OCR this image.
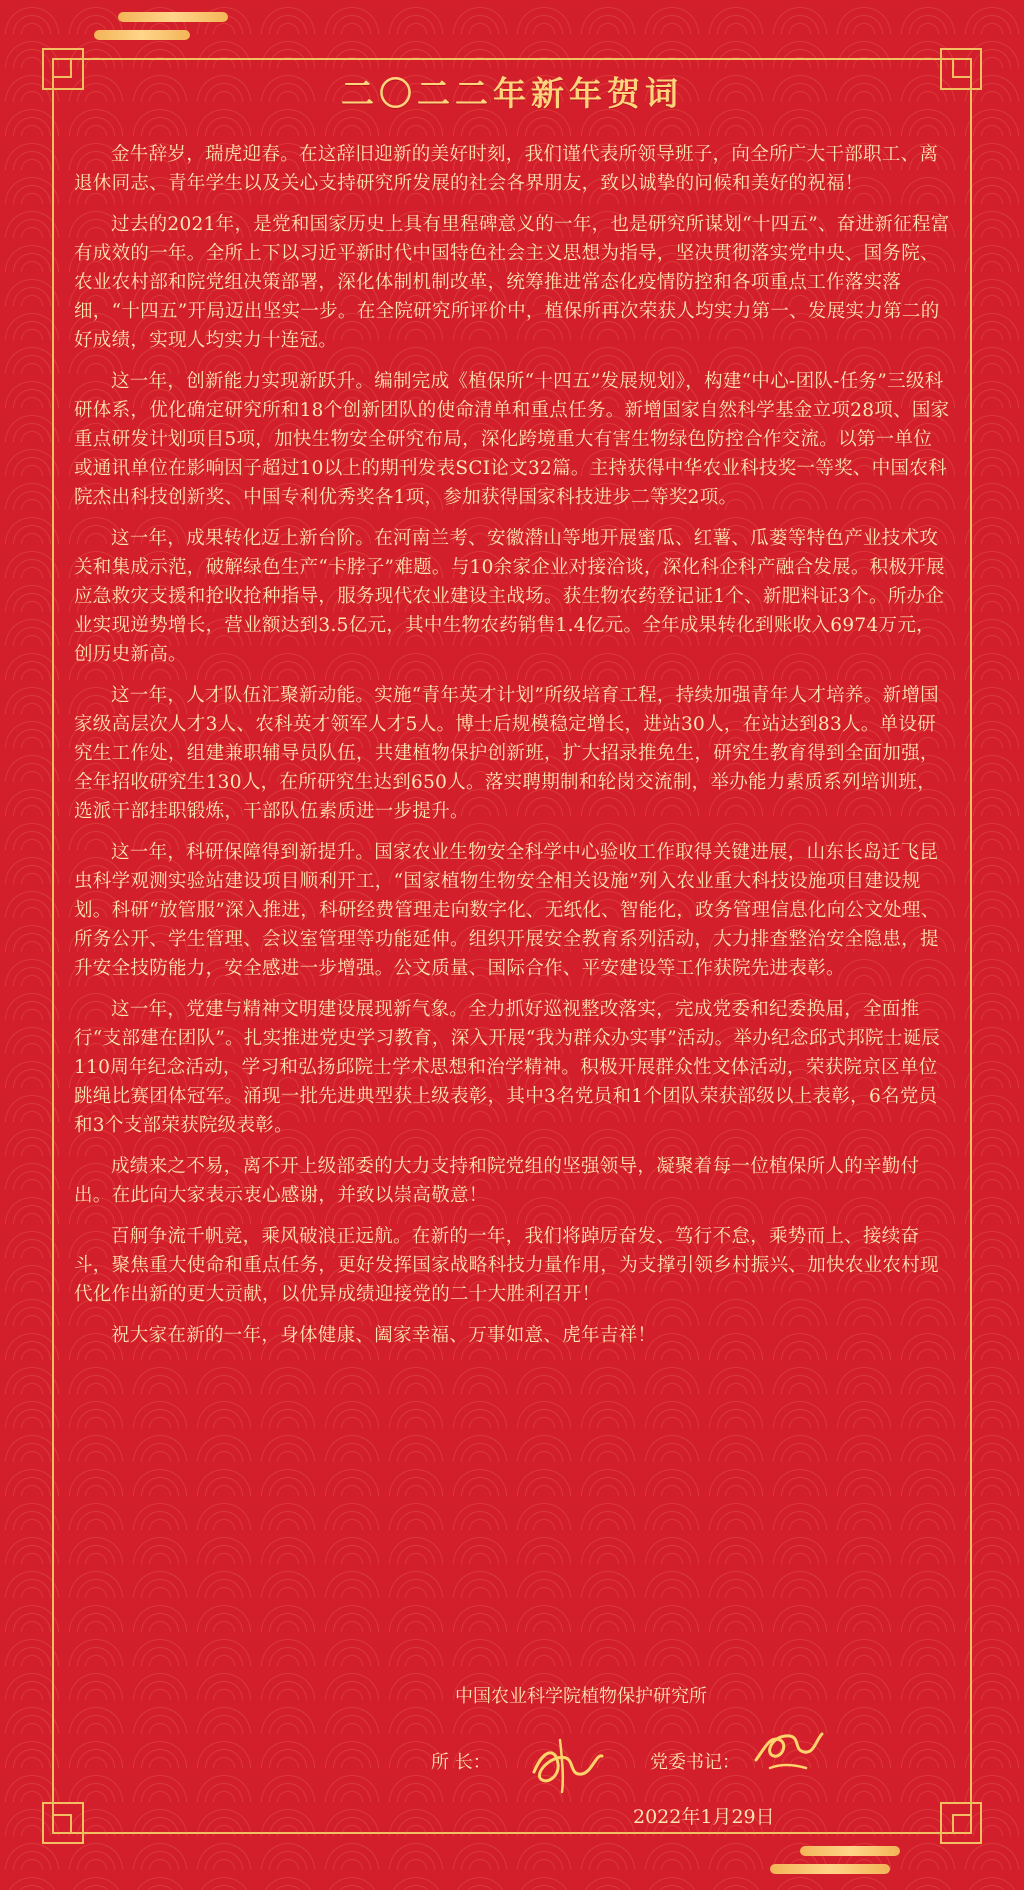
二〇二二年新年贺词

金牛辞岁，瑞虎迎春。在这辞旧迎新的美好时刻，我们谨代表所领导班子，向全所广大干部职工、离退休同志、青年学生以及关心支持研究所发展的社会各界朋友，致以诚挚的问候和美好的祝福！

过去的2021年，是党和国家历史上具有里程碑意义的一年，也是研究所谋划“十四五”、奋进新征程富有成效的一年。全所上下以习近平新时代中国特色社会主义思想为指导，坚决贯彻落实党中央、国务院、农业农村部和院党组决策部署，深化体制机制改革，统筹推进常态化疫情防控和各项重点工作落实落细，“十四五”开局迈出坚实一步。在全院研究所评价中，植保所再次荣获人均实力第一、发展实力第二的好成绩，实现人均实力十连冠。

这一年，创新能力实现新跃升。编制完成《植保所“十四五”发展规划》，构建“中心-团队-任务”三级科研体系，优化确定研究所和18个创新团队的使命清单和重点任务。新增国家自然科学基金立项28项、国家重点研发计划项目5项，加快生物安全研究布局，深化跨境重大有害生物绿色防控合作交流。以第一单位或通讯单位在影响因子超过10以上的期刊发表SCI论文32篇。主持获得中华农业科技奖一等奖、中国农科院杰出科技创新奖、中国专利优秀奖各1项，参加获得国家科技进步二等奖2项。

这一年，成果转化迈上新台阶。在河南兰考、安徽潜山等地开展蜜瓜、红薯、瓜蒌等特色产业技术攻关和集成示范，破解绿色生产“卡脖子”难题。与10余家企业对接洽谈，深化科企科产融合发展。积极开展应急救灾支援和抢收抢种指导，服务现代农业建设主战场。获生物农药登记证1个、新肥料证3个。所办企业实现逆势增长，营业额达到3.5亿元，其中生物农药销售1.4亿元。全年成果转化到账收入6974万元，创历史新高。

这一年，人才队伍汇聚新动能。实施“青年英才计划”所级培育工程，持续加强青年人才培养。新增国家级高层次人才3人、农科英才领军人才5人。博士后规模稳定增长，进站30人，在站达到83人。单设研究生工作处，组建兼职辅导员队伍，共建植物保护创新班，扩大招录推免生，研究生教育得到全面加强，全年招收研究生130人，在所研究生达到650人。落实聘期制和轮岗交流制，举办能力素质系列培训班，选派干部挂职锻炼，干部队伍素质进一步提升。

这一年，科研保障得到新提升。国家农业生物安全科学中心验收工作取得关键进展，山东长岛迁飞昆虫科学观测实验站建设项目顺利开工，“国家植物生物安全相关设施”列入农业重大科技设施项目建设规划。科研“放管服”深入推进，科研经费管理走向数字化、无纸化、智能化，政务管理信息化向公文处理、所务公开、学生管理、会议室管理等功能延伸。组织开展安全教育系列活动，大力排查整治安全隐患，提升安全技防能力，安全感进一步增强。公文质量、国际合作、平安建设等工作获院先进表彰。

这一年，党建与精神文明建设展现新气象。全力抓好巡视整改落实，完成党委和纪委换届，全面推行“支部建在团队”。扎实推进党史学习教育，深入开展“我为群众办实事”活动。举办纪念邱式邦院士诞辰110周年纪念活动，学习和弘扬邱院士学术思想和治学精神。积极开展群众性文体活动，荣获院京区单位跳绳比赛团体冠军。涌现一批先进典型获上级表彰，其中3名党员和1个团队荣获部级以上表彰，6名党员和3个支部荣获院级表彰。

成绩来之不易，离不开上级部委的大力支持和院党组的坚强领导，凝聚着每一位植保所人的辛勤付出。在此向大家表示衷心感谢，并致以崇高敬意！

百舸争流千帆竞，乘风破浪正远航。在新的一年，我们将踔厉奋发、笃行不怠，乘势而上、接续奋斗，聚焦重大使命和重点任务，更好发挥国家战略科技力量作用，为支撑引领乡村振兴、加快农业农村现代化作出新的更大贡献，以优异成绩迎接党的二十大胜利召开！

祝大家在新的一年，身体健康、阖家幸福、万事如意、虎年吉祥！

中国农业科学院植物保护研究所
所 长：	党委书记：
2022年1月29日
